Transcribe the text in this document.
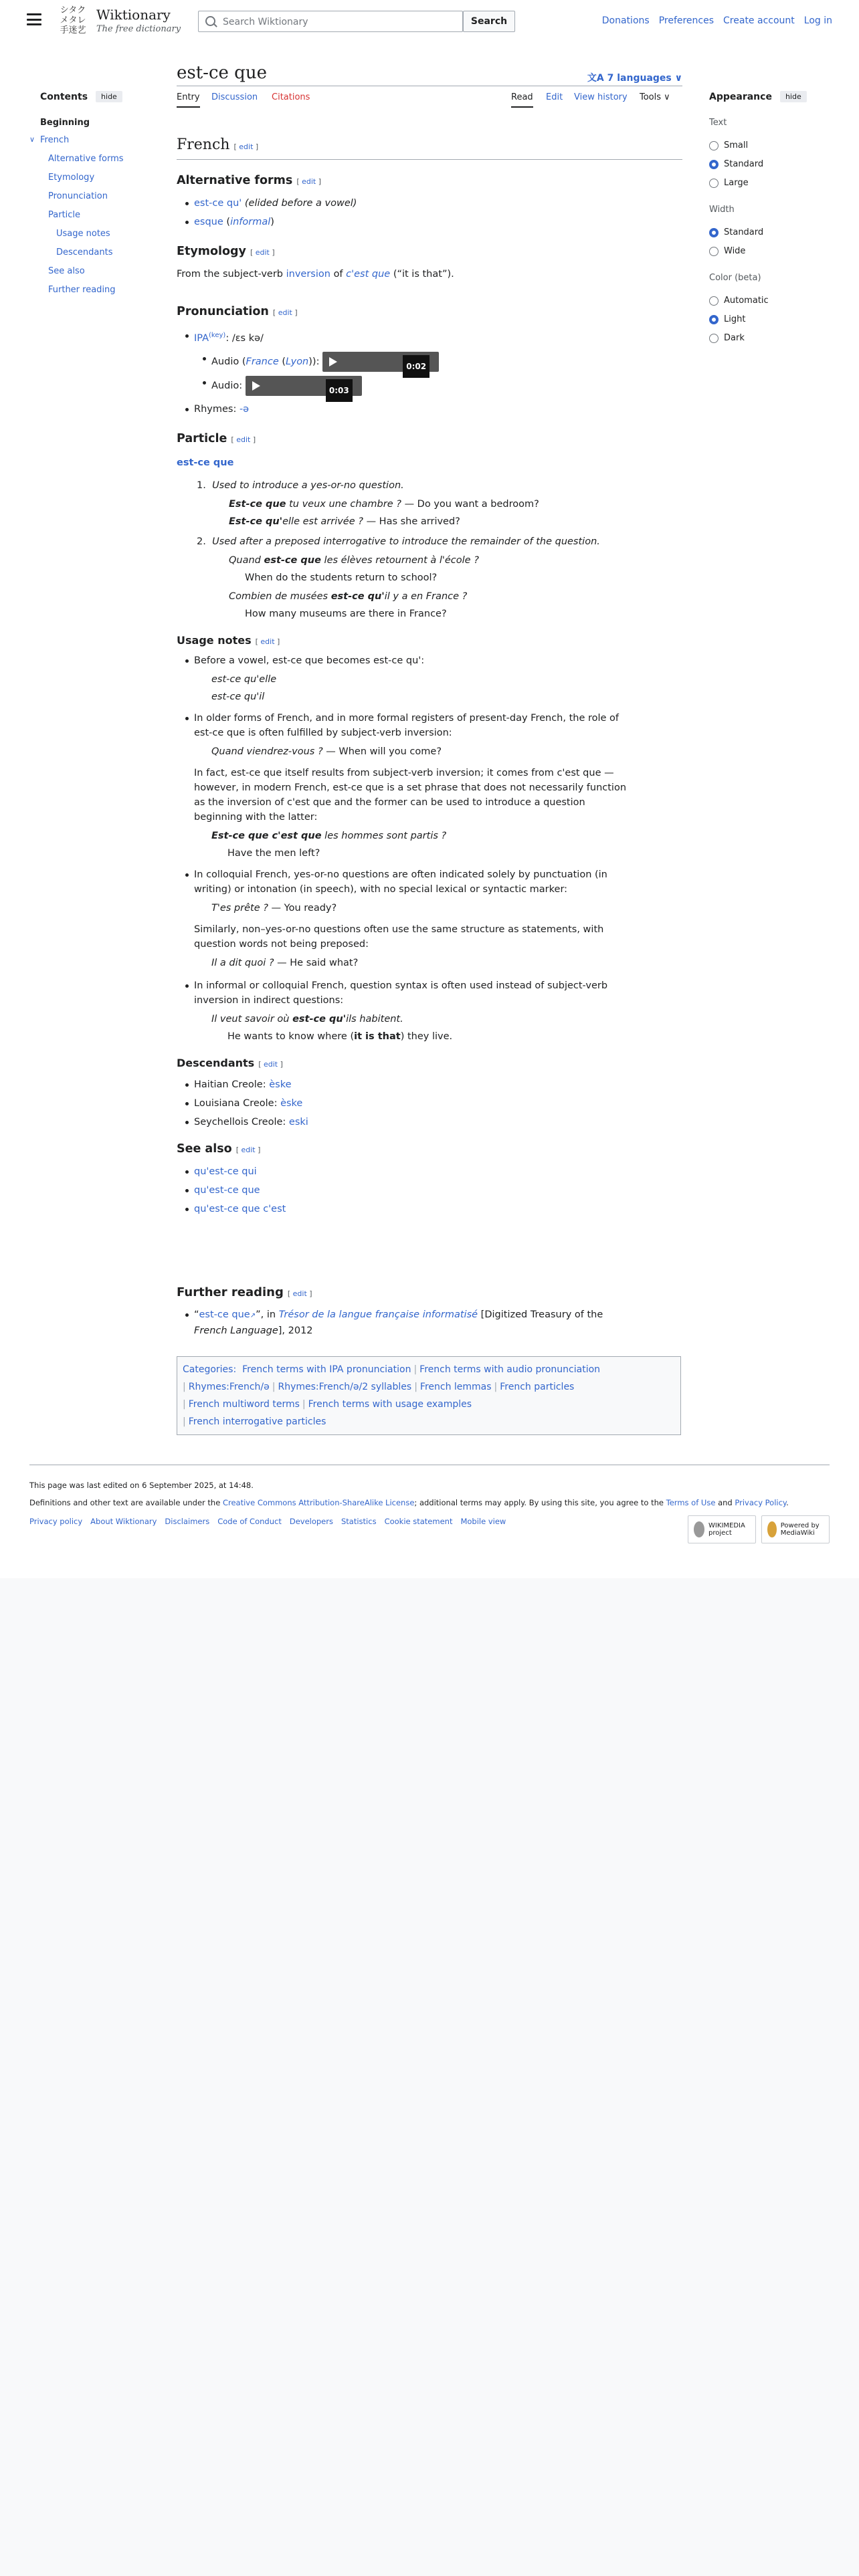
シタク
メタレ
手迷艺
Wiktionary
The free dictionary
Search Wiktionary
Search	Donations Preferences Create account Log in
Contents	hide
Beginning
∨ French
Alternative forms
Etymology
Pronunciation
Particle
Usage notes
Descendants
See also
Further reading
est-ce que	文A 7 languages ∨
Entry Discussion Citations	Read Edit View history Tools ∨
French [ edit ]
Alternative forms [ edit ]
est-ce qu' (elided before a vowel)
esque (informal)
Etymology [ edit ]
From the subject-verb inversion of c'est que (“it is that”).
Pronunciation [ edit ]
$IPA^{(key)}$: /ɛs kə/
Audio (France (Lyon)):	0:02
Audio:	0:03
Rhymes: -ə
Particle [ edit ]
est-ce que
1.  Used to introduce a yes-or-no question.
Est-ce que tu veux une chambre ? — Do you want a bedroom?
Est-ce qu'elle est arrivée ? — Has she arrived?
2.  Used after a preposed interrogative to introduce the remainder of the question.
Quand est-ce que les élèves retournent à l'école ?
When do the students return to school?
Combien de musées est-ce qu'il y a en France ?
How many museums are there in France?
Usage notes [ edit ]
Before a vowel, est-ce que becomes est-ce qu':
est-ce qu'elle
est-ce qu'il
In older forms of French, and in more formal registers of present-day French, the role of
est-ce que is often fulfilled by subject-verb inversion:
Quand viendrez-vous ? — When will you come?
In fact, est-ce que itself results from subject-verb inversion; it comes from c'est que —
however, in modern French, est-ce que is a set phrase that does not necessarily function
as the inversion of c'est que and the former can be used to introduce a question
beginning with the latter:
Est-ce que c'est que les hommes sont partis ?
Have the men left?
In colloquial French, yes-or-no questions are often indicated solely by punctuation (in
writing) or intonation (in speech), with no special lexical or syntactic marker:
T'es prête ? — You ready?
Similarly, non–yes-or-no questions often use the same structure as statements, with
question words not being preposed:
Il a dit quoi ? — He said what?
In informal or colloquial French, question syntax is often used instead of subject-verb
inversion in indirect questions:
Il veut savoir où est-ce qu'ils habitent.
He wants to know where (it is that) they live.
Descendants [ edit ]
Haitian Creole: èske
Louisiana Creole: èske
Seychellois Creole: eski
See also [ edit ]
qu'est-ce qui
qu'est-ce que
qu'est-ce que c'est
Further reading [ edit ]
“est-ce que↗”, in Trésor de la langue française informatisé [Digitized Treasury of the
French Language], 2012
Categories: French terms with IPA pronunciation | French terms with audio pronunciation
| Rhymes:French/ə | Rhymes:French/ə/2 syllables | French lemmas | French particles
| French multiword terms | French terms with usage examples
| French interrogative particles
Appearance	hide
Text
Small
Standard
Large
Width
Standard
Wide
Color (beta)
Automatic
Light
Dark
This page was last edited on 6 September 2025, at 14:48.
Definitions and other text are available under the Creative Commons Attribution-ShareAlike License; additional terms may apply. By using this site, you agree to the Terms of Use and Privacy Policy.
Privacy policy About Wiktionary Disclaimers Code of Conduct Developers Statistics Cookie statement Mobile view	WIKIMEDIA project
Powered by MediaWiki
